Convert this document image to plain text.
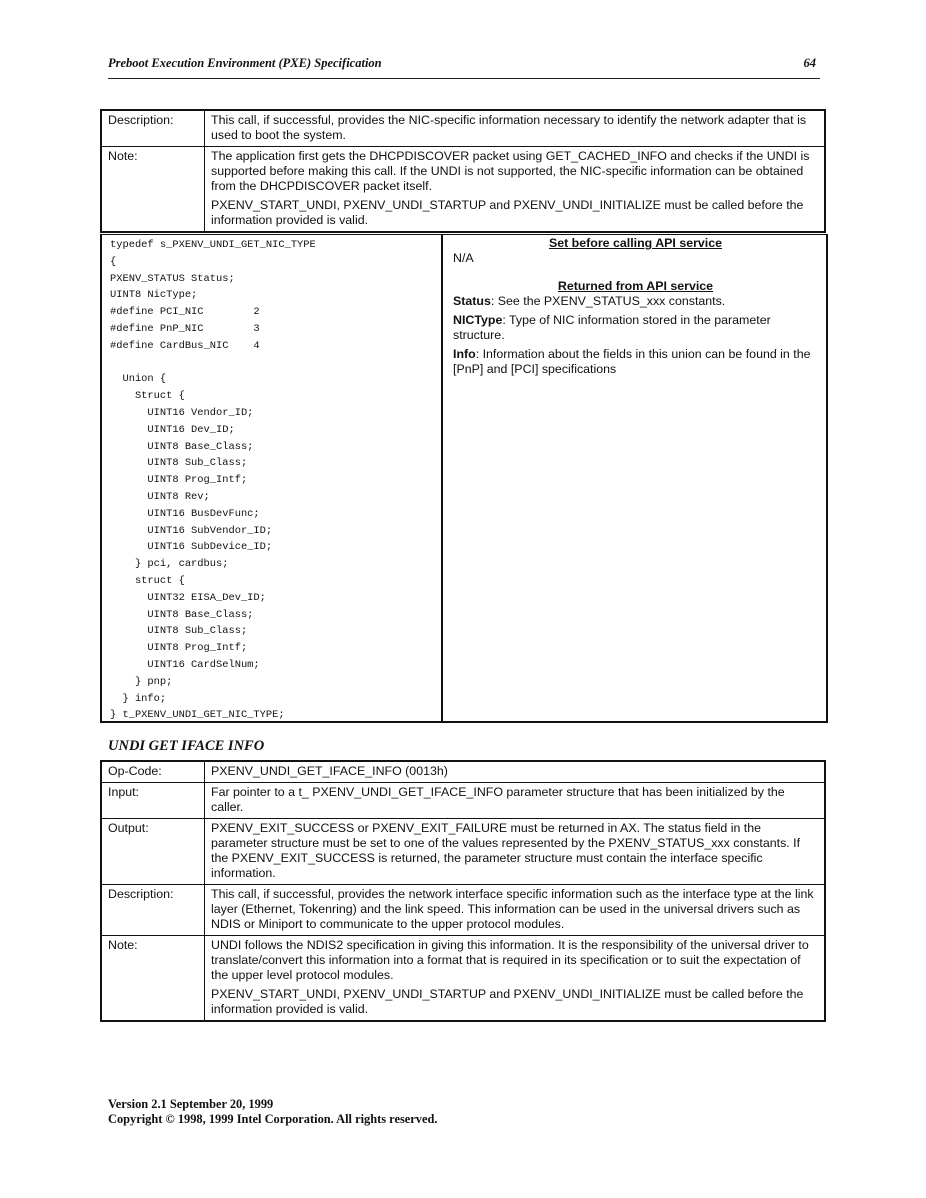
Preboot Execution Environment (PXE) Specification	64
Description:	This call, if successful, provides the NIC-specific information necessary to identify the network adapter that is used to boot the system.

Note:	The application first gets the DHCPDISCOVER packet using GET_CACHED_INFO and checks if the UNDI is supported before making this call. If the UNDI is not supported, the NIC-specific information can be obtained from the DHCPDISCOVER packet itself.

PXENV_START_UNDI, PXENV_UNDI_STARTUP and PXENV_UNDI_INITIALIZE must be called before the information provided is valid.

typedef s_PXENV_UNDI_GET_NIC_TYPE
{
PXENV_STATUS Status;
UINT8 NicType;
#define PCI_NIC        2
#define PnP_NIC        3
#define CardBus_NIC    4
Union {
Struct {
UINT16 Vendor_ID;
UINT16 Dev_ID;
UINT8 Base_Class;
UINT8 Sub_Class;
UINT8 Prog_Intf;
UINT8 Rev;
UINT16 BusDevFunc;
UINT16 SubVendor_ID;
UINT16 SubDevice_ID;
} pci, cardbus;
struct {
UINT32 EISA_Dev_ID;
UINT8 Base_Class;
UINT8 Sub_Class;
UINT8 Prog_Intf;
UINT16 CardSelNum;
} pnp;
} info;
} t_PXENV_UNDI_GET_NIC_TYPE;
Set before calling API service
N/A
Returned from API service
Status: See the PXENV_STATUS_xxx constants.
NICType: Type of NIC information stored in the parameter structure.
Info: Information about the fields in this union can be found in the [PnP] and [PCI] specifications
UNDI GET IFACE INFO
Op-Code:	PXENV_UNDI_GET_IFACE_INFO (0013h)

Input:	Far pointer to a t_ PXENV_UNDI_GET_IFACE_INFO parameter structure that has been initialized by the caller.

Output:	PXENV_EXIT_SUCCESS or PXENV_EXIT_FAILURE must be returned in AX. The status field in the parameter structure must be set to one of the values represented by the PXENV_STATUS_xxx constants. If the PXENV_EXIT_SUCCESS is returned, the parameter structure must contain the interface specific information.

Description:	This call, if successful, provides the network interface specific information such as the interface type at the link layer (Ethernet, Tokenring) and the link speed. This information can be used in the universal drivers such as NDIS or Miniport to communicate to the upper protocol modules.

Note:	UNDI follows the NDIS2 specification in giving this information. It is the responsibility of the universal driver to translate/convert this information into a format that is required in its specification or to suit the expectation of the upper level protocol modules.

PXENV_START_UNDI, PXENV_UNDI_STARTUP and PXENV_UNDI_INITIALIZE must be called before the information provided is valid.

Version 2.1 September 20, 1999
Copyright © 1998, 1999 Intel Corporation. All rights reserved.
